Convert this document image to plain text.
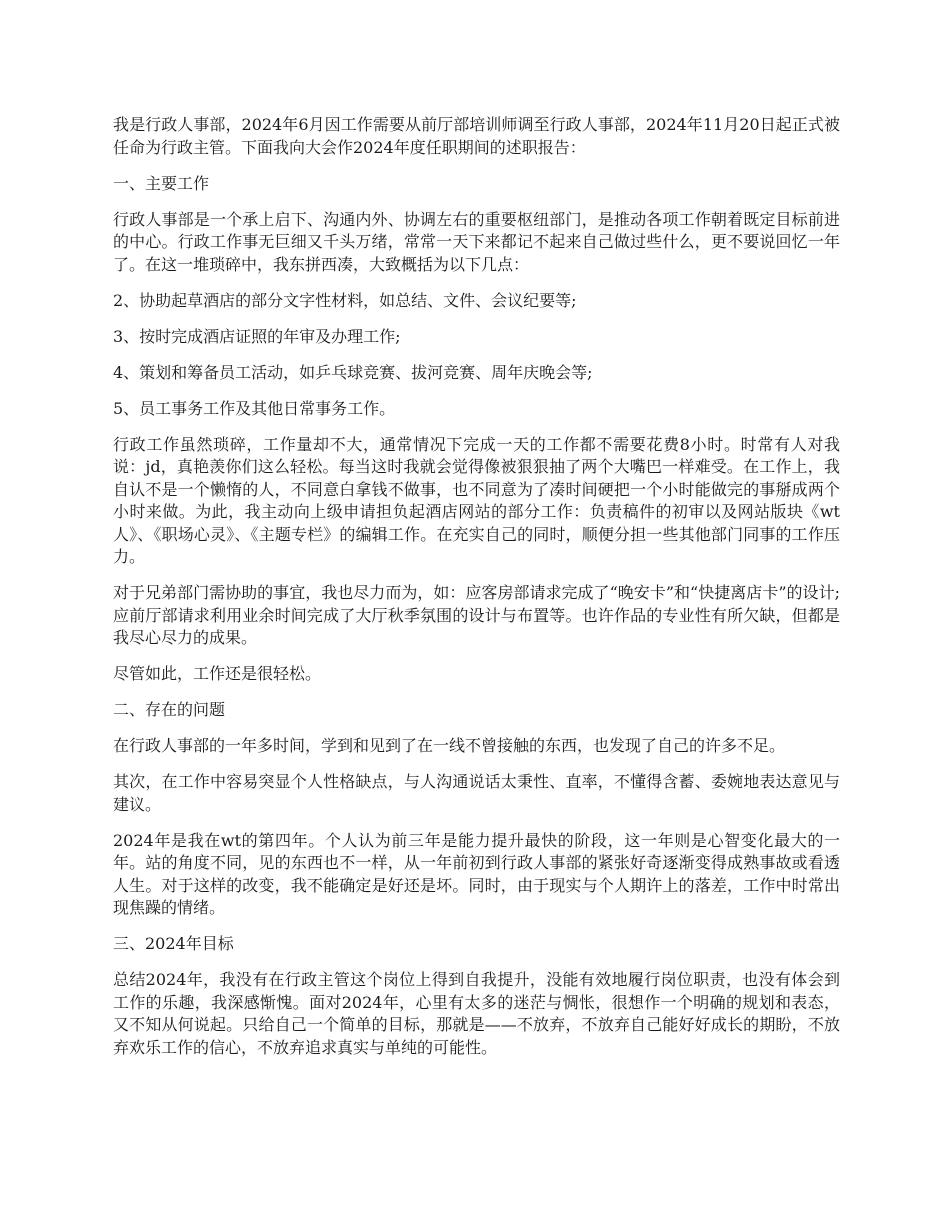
我是行政人事部，2024年6月因工作需要从前厅部培训师调至行政人事部，2024年11月20日起正式被任命为行政主管。下面我向大会作2024年度任职期间的述职报告：

一、主要工作

行政人事部是一个承上启下、沟通内外、协调左右的重要枢纽部门，是推动各项工作朝着既定目标前进的中心。行政工作事无巨细又千头万绪，常常一天下来都记不起来自己做过些什么，更不要说回忆一年了。在这一堆琐碎中，我东拼西凑，大致概括为以下几点：

2、协助起草酒店的部分文字性材料，如总结、文件、会议纪要等;

3、按时完成酒店证照的年审及办理工作;

4、策划和筹备员工活动，如乒乓球竞赛、拔河竞赛、周年庆晚会等;

5、员工事务工作及其他日常事务工作。

行政工作虽然琐碎，工作量却不大，通常情况下完成一天的工作都不需要花费8小时。时常有人对我说：jd，真艳羡你们这么轻松。每当这时我就会觉得像被狠狠抽了两个大嘴巴一样难受。在工作上，我自认不是一个懒惰的人，不同意白拿钱不做事，也不同意为了凑时间硬把一个小时能做完的事掰成两个小时来做。为此，我主动向上级申请担负起酒店网站的部分工作：负责稿件的初审以及网站版块《wt人》、《职场心灵》、《主题专栏》的编辑工作。在充实自己的同时，顺便分担一些其他部门同事的工作压力。

对于兄弟部门需协助的事宜，我也尽力而为，如：应客房部请求完成了“晚安卡”和“快捷离店卡”的设计;应前厅部请求利用业余时间完成了大厅秋季氛围的设计与布置等。也许作品的专业性有所欠缺，但都是我尽心尽力的成果。

尽管如此，工作还是很轻松。

二、存在的问题

在行政人事部的一年多时间，学到和见到了在一线不曾接触的东西，也发现了自己的许多不足。

其次，在工作中容易突显个人性格缺点，与人沟通说话太秉性、直率，不懂得含蓄、委婉地表达意见与建议。

2024年是我在wt的第四年。个人认为前三年是能力提升最快的阶段，这一年则是心智变化最大的一年。站的角度不同，见的东西也不一样，从一年前初到行政人事部的紧张好奇逐渐变得成熟事故或看透人生。对于这样的改变，我不能确定是好还是坏。同时，由于现实与个人期许上的落差，工作中时常出现焦躁的情绪。

三、2024年目标

总结2024年，我没有在行政主管这个岗位上得到自我提升，没能有效地履行岗位职责，也没有体会到工作的乐趣，我深感惭愧。面对2024年，心里有太多的迷茫与惆怅，很想作一个明确的规划和表态，又不知从何说起。只给自己一个简单的目标，那就是——不放弃，不放弃自己能好好成长的期盼，不放弃欢乐工作的信心，不放弃追求真实与单纯的可能性。
